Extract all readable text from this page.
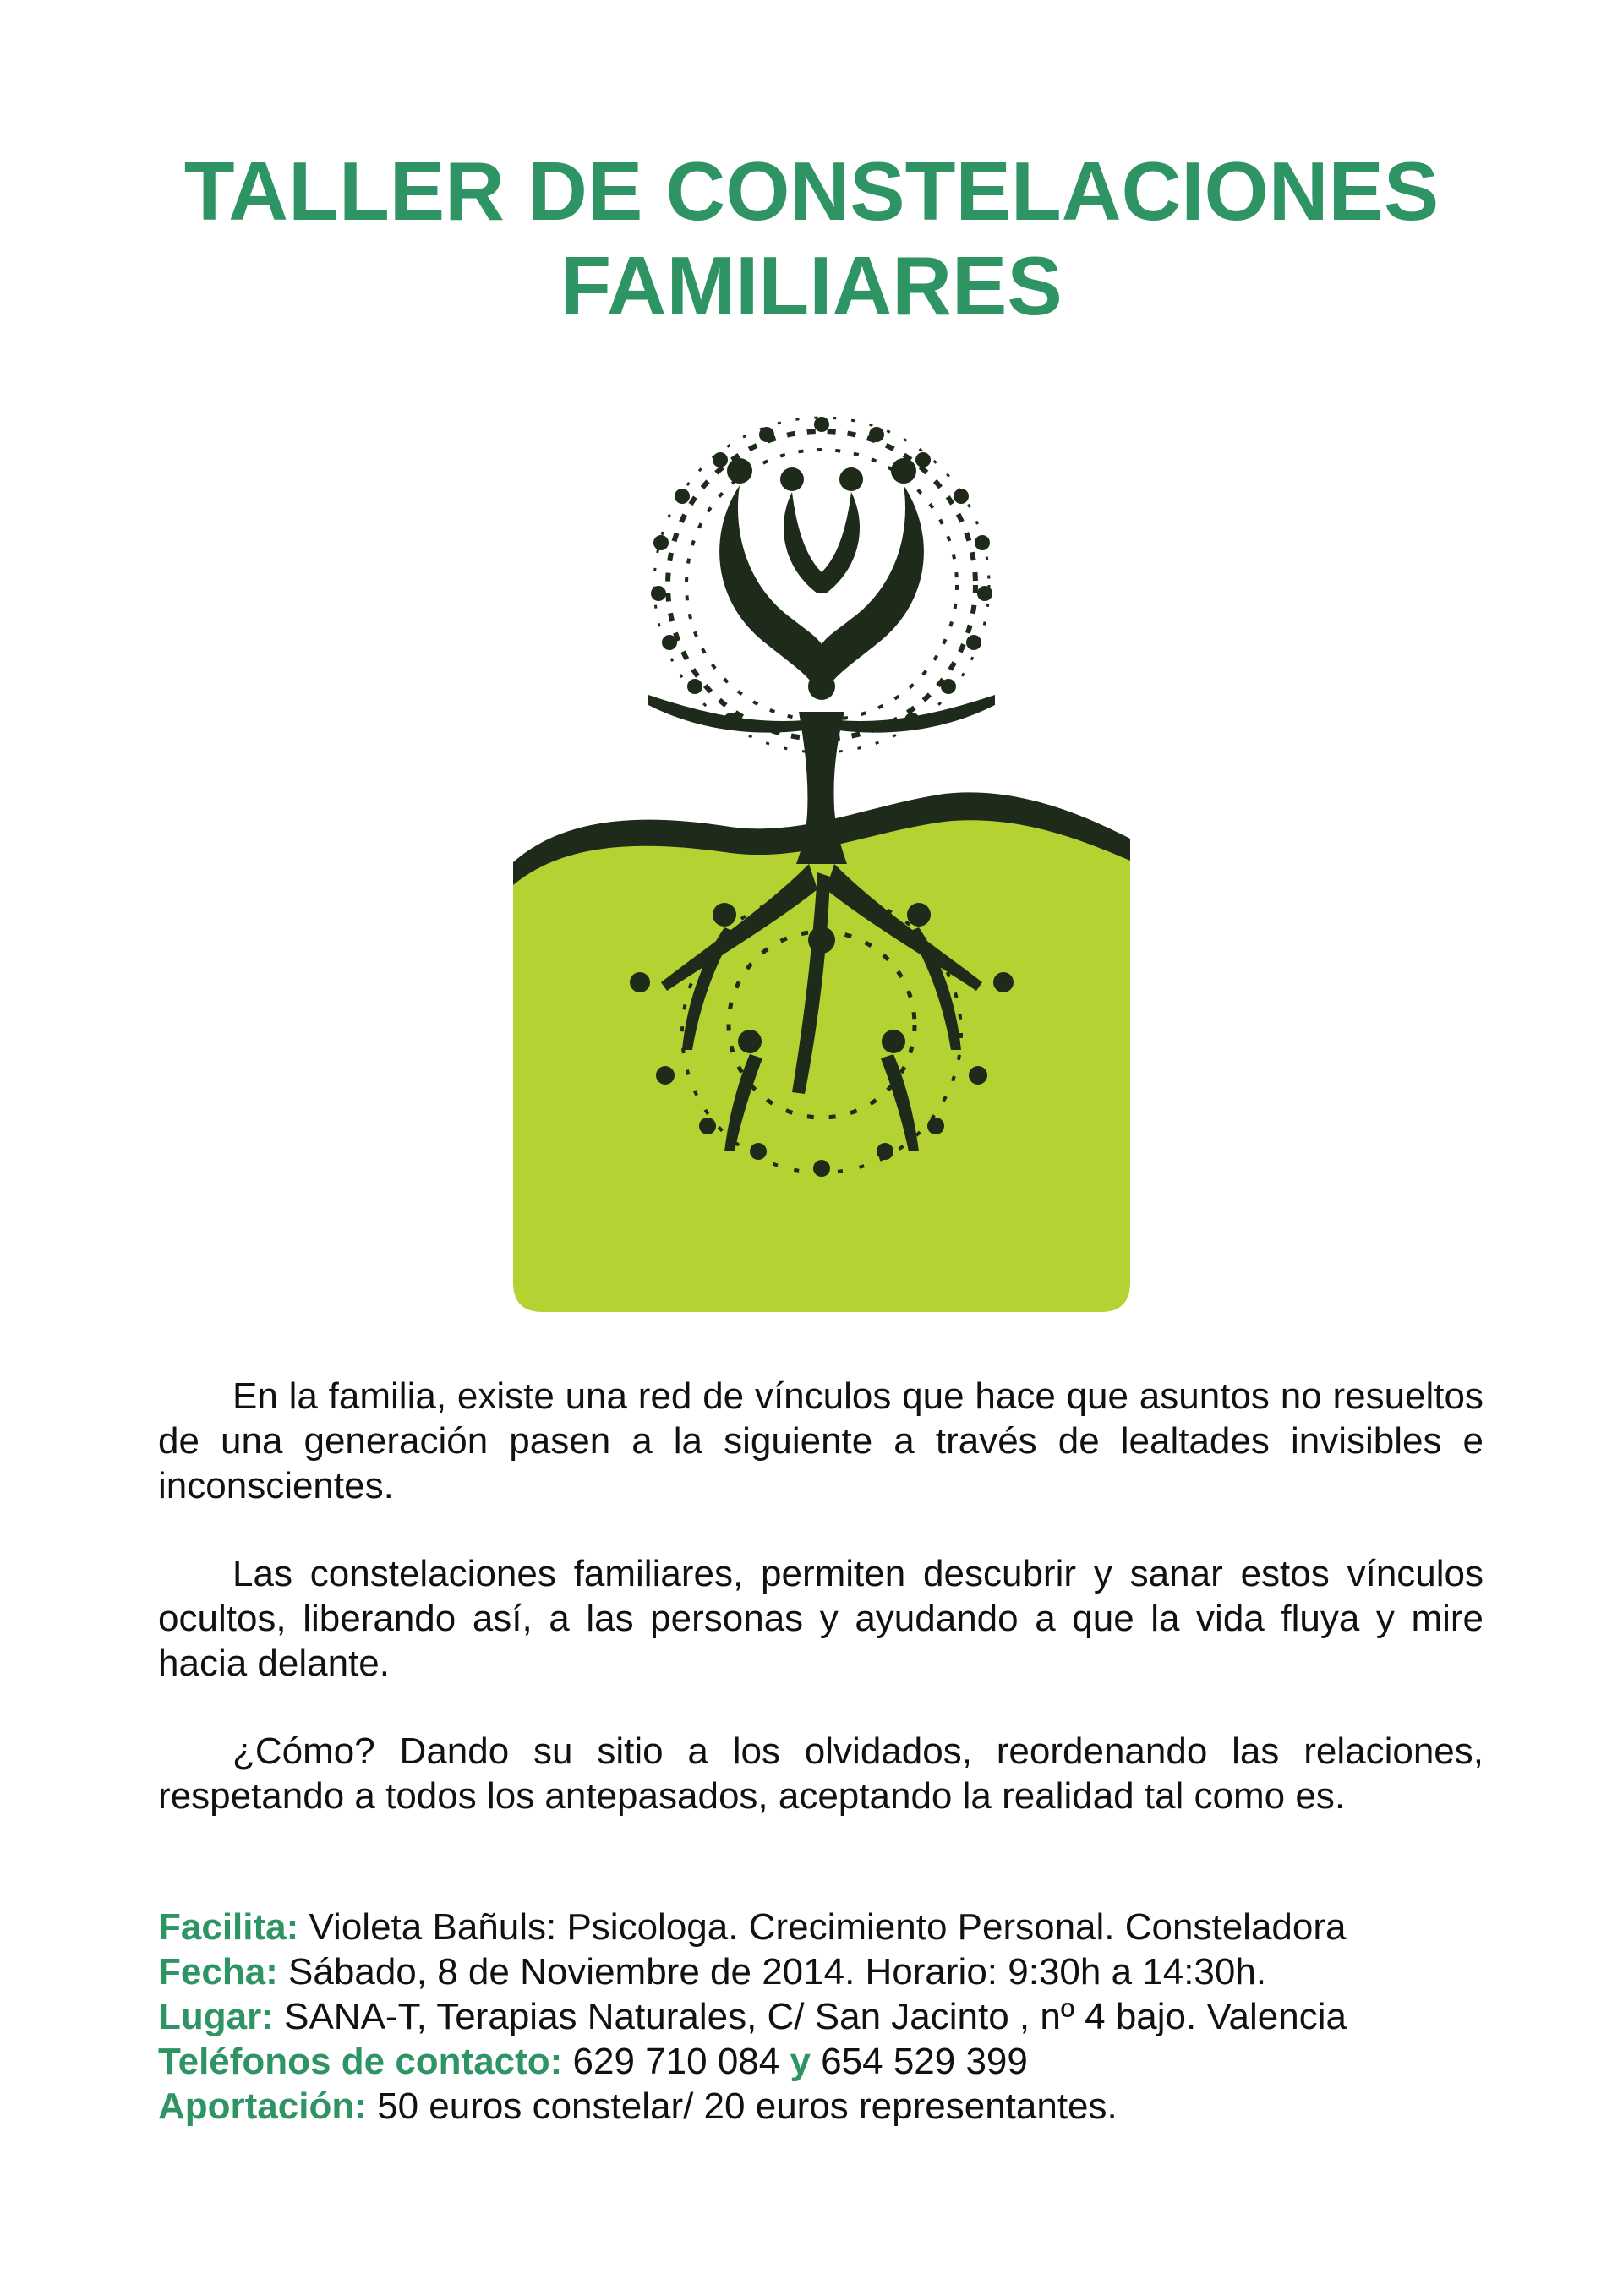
TALLER DE CONSTELACIONES
FAMILIARES

En la familia, existe una red de vínculos que hace que asuntos no resueltos de una generación pasen a la siguiente a través de lealtades invisibles e inconscientes.

Las constelaciones familiares, permiten descubrir y sanar estos vínculos ocultos, liberando así, a las personas y ayudando a que la vida fluya y mire hacia delante.

¿Cómo? Dando su sitio a los olvidados, reordenando las relaciones, respetando a todos los antepasados, aceptando la realidad tal como es.

Facilita: Violeta Bañuls: Psicologa. Crecimiento Personal. Consteladora
Fecha: Sábado, 8 de Noviembre de 2014. Horario: 9:30h a 14:30h.
Lugar: SANA-T, Terapias Naturales, C/ San Jacinto , nº 4 bajo. Valencia
Teléfonos de contacto: 629 710 084 y 654 529 399
Aportación: 50 euros constelar/ 20 euros representantes.
